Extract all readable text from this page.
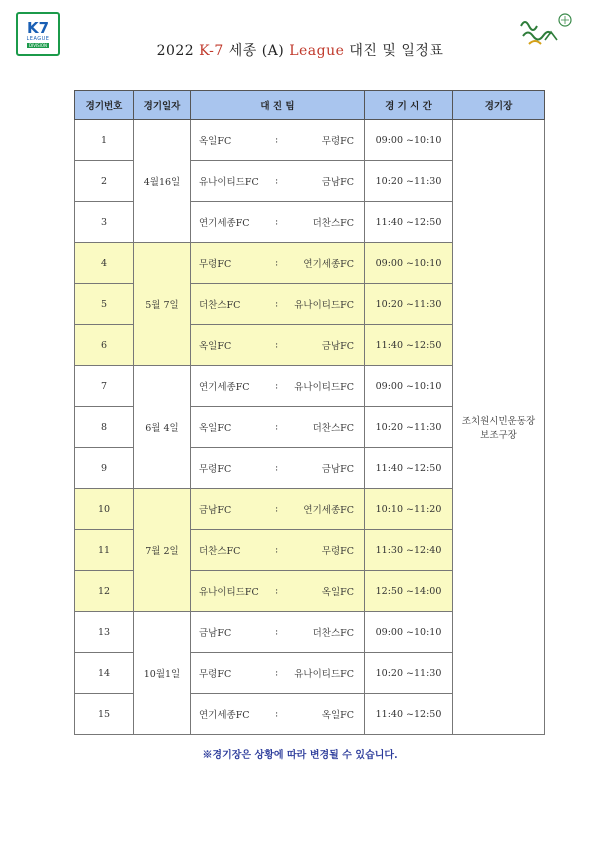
K7
LEAGUE
DIVISION	2022 K-7 세종 (A) League 대진 및 일정표
경기번호	경기일자	대 진 팀	경 기 시 간	경기장
1	4월16일	옥일FC : 무령FC	09:00 ~10:10	조치원시민운동장
보조구장
2		유나이티드FC : 금남FC	10:20 ~11:30	
3		연기세종FC : 더찬스FC	11:40 ~12:50	
4	5월 7일	무령FC : 연기세종FC	09:00 ~10:10	
5		더찬스FC : 유나이티드FC	10:20 ~11:30	
6		옥일FC : 금남FC	11:40 ~12:50	
7	6월 4일	연기세종FC : 유나이티드FC	09:00 ~10:10	
8		옥일FC : 더찬스FC	10:20 ~11:30	
9		무령FC : 금남FC	11:40 ~12:50	
10	7월 2일	금남FC : 연기세종FC	10:10 ~11:20	
11		더찬스FC : 무령FC	11:30 ~12:40	
12		유나이티드FC : 옥일FC	12:50 ~14:00	
13	10월1일	금남FC : 더찬스FC	09:00 ~10:10	
14		무령FC : 유나이티드FC	10:20 ~11:30	
15		연기세종FC : 옥일FC	11:40 ~12:50	
※경기장은 상황에 따라 변경될 수 있습니다.
